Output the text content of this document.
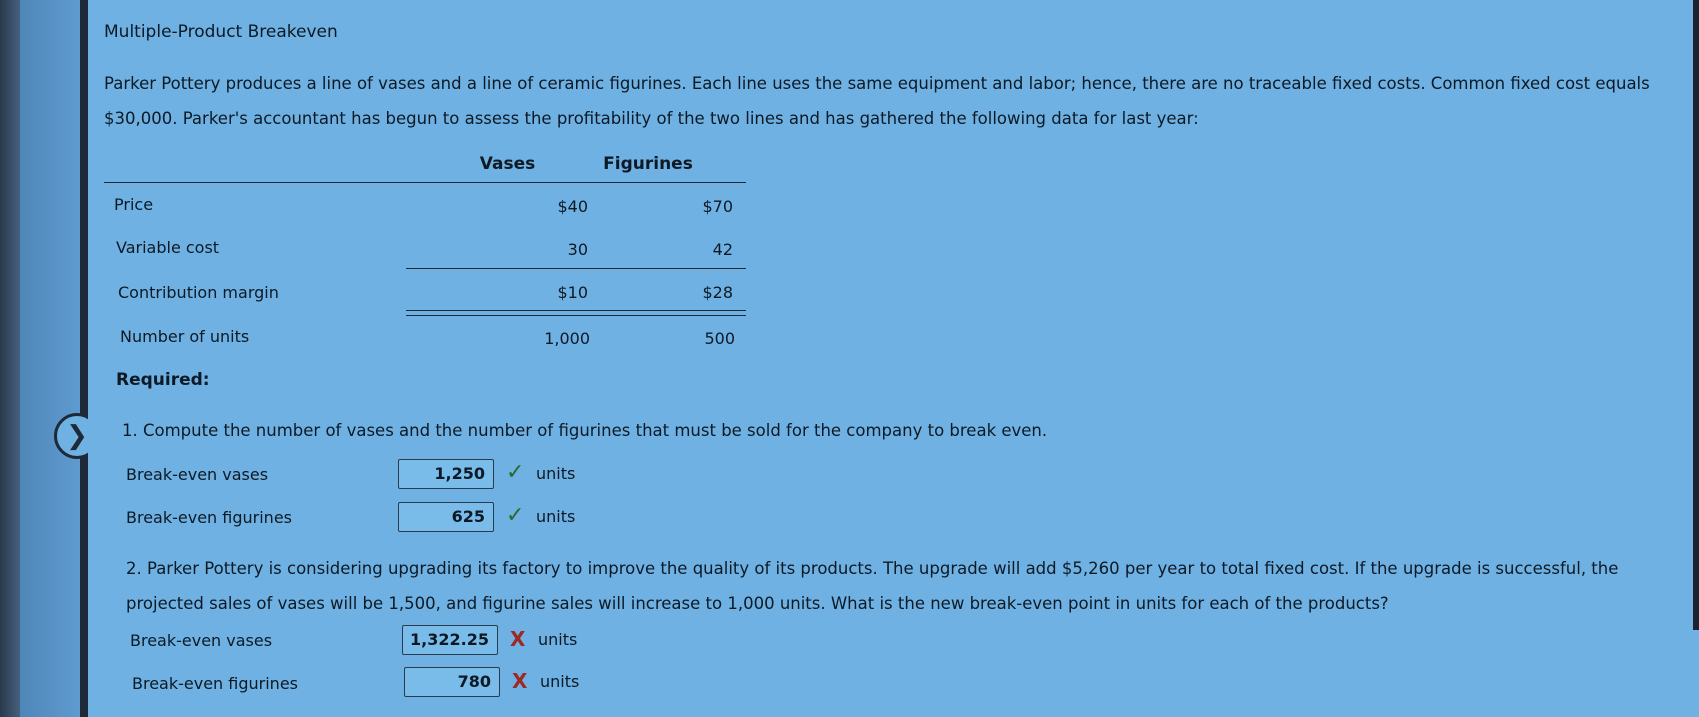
❯
Multiple-Product Breakeven
Parker Pottery produces a line of vases and a line of ceramic figurines. Each line uses the same equipment and labor; hence, there are no traceable fixed costs. Common fixed cost equals $30,000. Parker's accountant has begun to assess the profitability of the two lines and has gathered the following data for last year:
Vases	Figurines
Price	$40	$70
Variable cost	30	42
Contribution margin	$10	$28
Number of units	1,000	500
Required:
1. Compute the number of vases and the number of figurines that must be sold for the company to break even.
Break-even vases	1,250 ✓ units
Break-even figurines	625 ✓ units
2. Parker Pottery is considering upgrading its factory to improve the quality of its products. The upgrade will add $5,260 per year to total fixed cost. If the upgrade is successful, the projected sales of vases will be 1,500, and figurine sales will increase to 1,000 units. What is the new break-even point in units for each of the products?
Break-even vases	1,322.25	X units
Break-even figurines	780	X units
